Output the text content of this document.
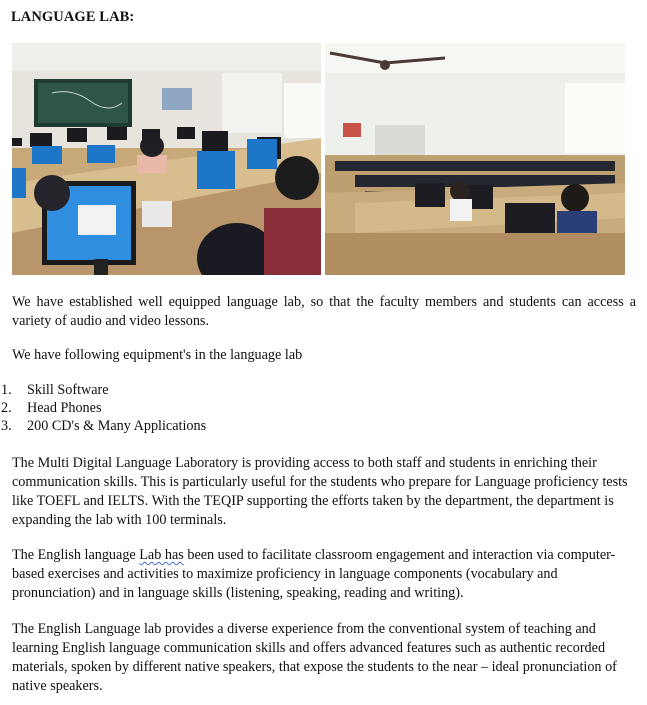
LANGUAGE LAB:

We have established well equipped language lab, so that the faculty members and students can access a variety of audio and video lessons.

We have following equipment's in the language lab

1. Skill Software
2. Head Phones
3. 200 CD's & Many Applications

The Multi Digital Language Laboratory is providing access to both staff and students in enriching their communication skills. This is particularly useful for the students who prepare for Language proficiency tests like TOEFL and IELTS. With the TEQIP supporting the efforts taken by the department, the department is expanding the lab with 100 terminals.

The English language Lab has been used to facilitate classroom engagement and interaction via computer-based exercises and activities to maximize proficiency in language components (vocabulary and pronunciation) and in language skills (listening, speaking, reading and writing).

The English Language lab provides a diverse experience from the conventional system of teaching and learning English language communication skills and offers advanced features such as authentic recorded materials, spoken by different native speakers, that expose the students to the near – ideal pronunciation of native speakers.
